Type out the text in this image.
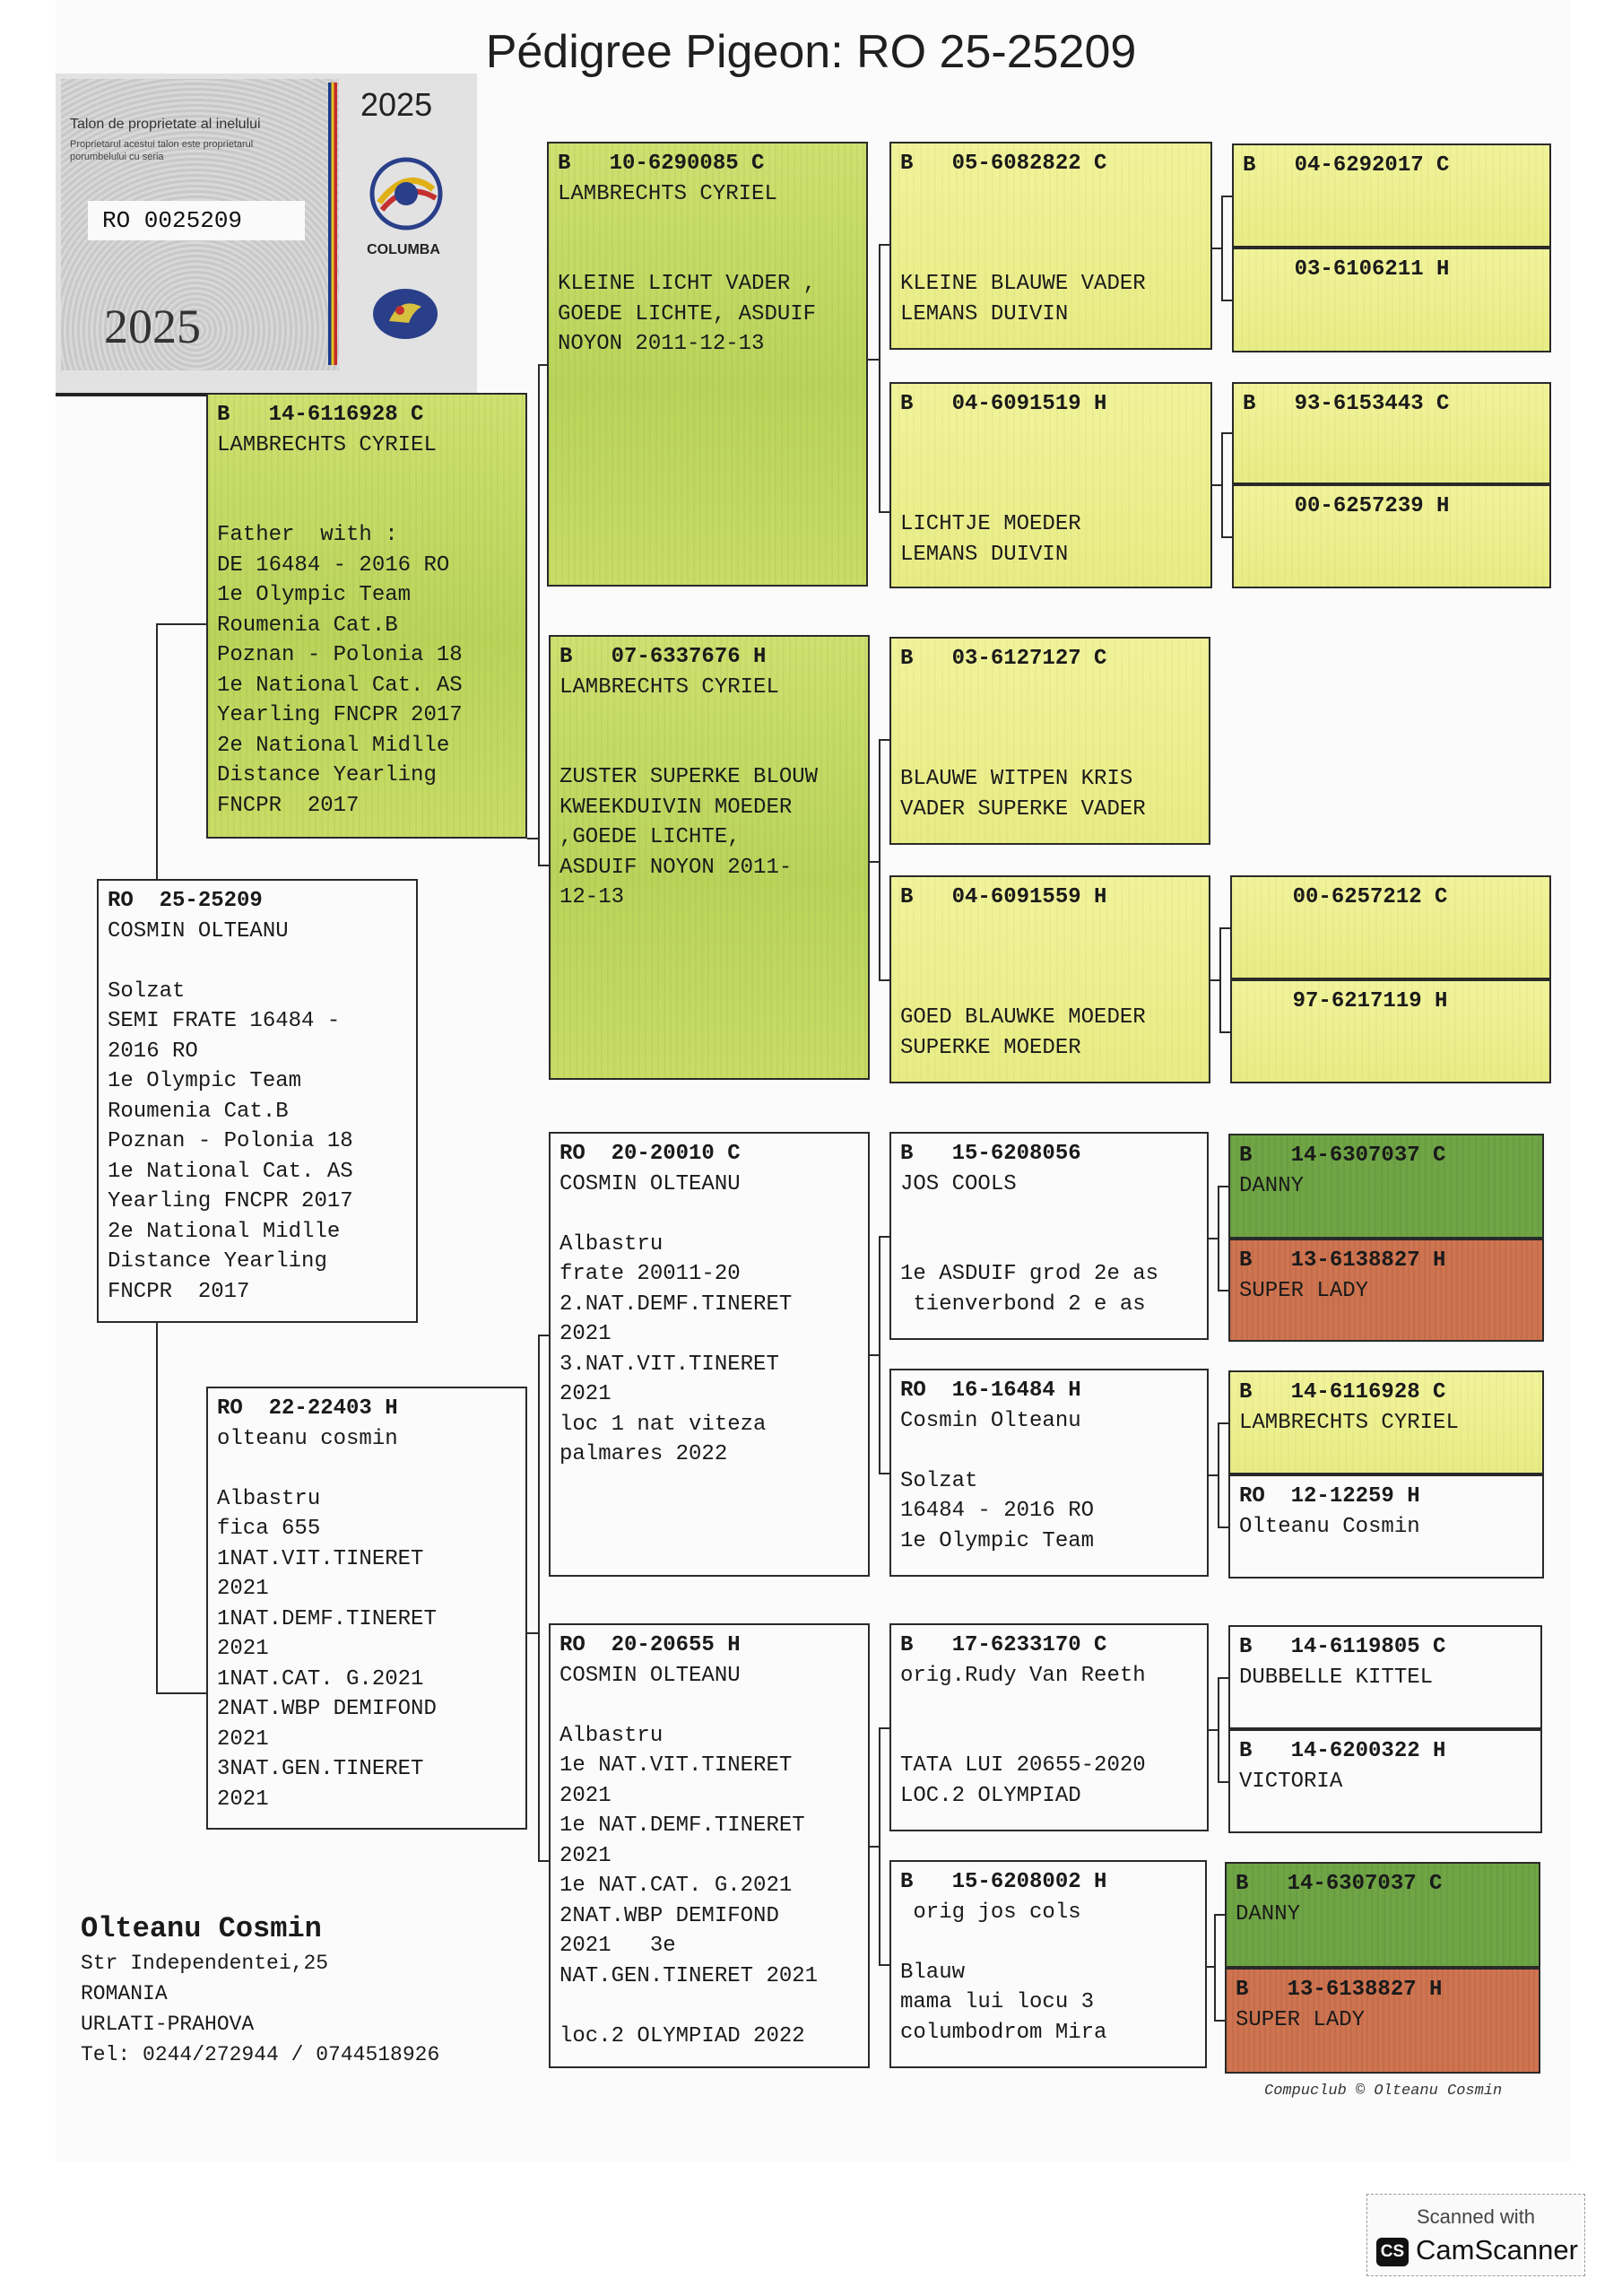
Pédigree Pigeon: RO 25-25209
Talon de proprietate al inelului
Proprietarul acestui talon este proprietarul porumbelului cu seria
RO 0025209
2025
2025
COLUMBA
RO  25-25209
COSMIN OLTEANU

Solzat
SEMI FRATE 16484 -
2016 RO
1e Olympic Team
Roumenia Cat.B
Poznan - Polonia 18
1e National Cat. AS
Yearling FNCPR 2017
2e National Midlle
Distance Yearling
FNCPR  2017
B   14-6116928 C
LAMBRECHTS CYRIEL

Father  with :
DE 16484 - 2016 RO
1e Olympic Team
Roumenia Cat.B
Poznan - Polonia 18
1e National Cat. AS
Yearling FNCPR 2017
2e National Midlle
Distance Yearling
FNCPR  2017
RO  22-22403 H
olteanu cosmin

Albastru
fica 655
1NAT.VIT.TINERET
2021
1NAT.DEMF.TINERET
2021
1NAT.CAT. G.2021
2NAT.WBP DEMIFOND
2021
3NAT.GEN.TINERET
2021
B   10-6290085 C
LAMBRECHTS CYRIEL

KLEINE LICHT VADER ,
GOEDE LICHTE, ASDUIF
NOYON 2011-12-13
B   07-6337676 H
LAMBRECHTS CYRIEL

ZUSTER SUPERKE BLOUW
KWEEKDUIVIN MOEDER
,GOEDE LICHTE,
ASDUIF NOYON 2011-
12-13
RO  20-20010 C
COSMIN OLTEANU

Albastru
frate 20011-20
2.NAT.DEMF.TINERET
2021
3.NAT.VIT.TINERET
2021
loc 1 nat viteza
palmares 2022
RO  20-20655 H
COSMIN OLTEANU

Albastru
1e NAT.VIT.TINERET
2021
1e NAT.DEMF.TINERET
2021
1e NAT.CAT. G.2021
2NAT.WBP DEMIFOND
2021   3e
NAT.GEN.TINERET 2021

loc.2 OLYMPIAD 2022
B   05-6082822 C

KLEINE BLAUWE VADER
LEMANS DUIVIN
B   04-6091519 H

LICHTJE MOEDER
LEMANS DUIVIN
B   03-6127127 C

BLAUWE WITPEN KRIS
VADER SUPERKE VADER
B   04-6091559 H

GOED BLAUWKE MOEDER
SUPERKE MOEDER
B   15-6208056
JOS COOLS

1e ASDUIF grod 2e as
tienverbond 2 e as
RO  16-16484 H
Cosmin Olteanu

Solzat
16484 - 2016 RO
1e Olympic Team
B   17-6233170 C
orig.Rudy Van Reeth

TATA LUI 20655-2020
LOC.2 OLYMPIAD
B   15-6208002 H
orig jos cols

Blauw
mama lui locu 3
columbodrom Mira
B   04-6292017 C
03-6106211 H
B   93-6153443 C
00-6257239 H
00-6257212 C
97-6217119 H
B   14-6307037 C
DANNY
B   13-6138827 H
SUPER LADY
B   14-6116928 C
LAMBRECHTS CYRIEL
RO  12-12259 H
Olteanu Cosmin
B   14-6119805 C
DUBBELLE KITTEL
B   14-6200322 H
VICTORIA
B   14-6307037 C
DANNY
B   13-6138827 H
SUPER LADY
Olteanu Cosmin
Str Independentei,25
ROMANIA
URLATI-PRAHOVA
Tel: 0244/272944 / 0744518926
Compuclub © Olteanu Cosmin
Scanned with
CS CamScanner
